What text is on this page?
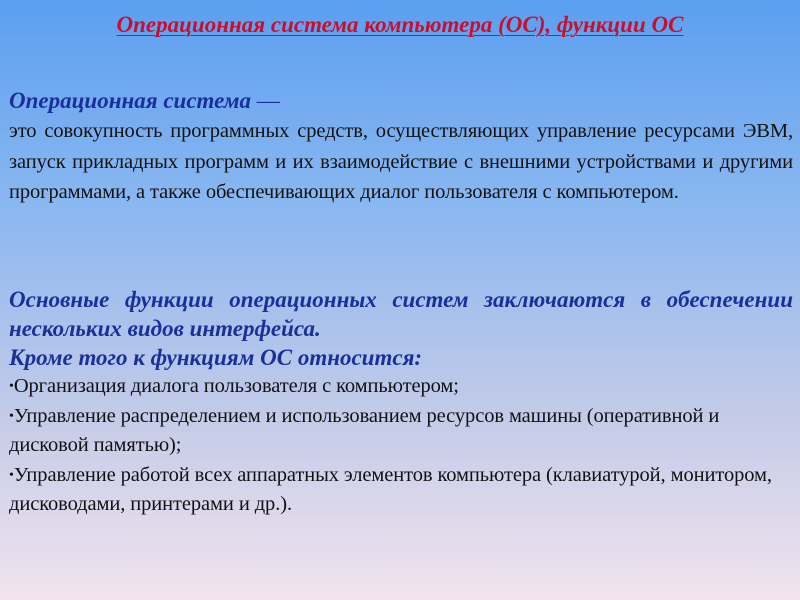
Операционная система компьютера (ОС), функции ОС
Операционная система —
это совокупность программных средств, осуществляющих управление ресурсами ЭВМ, запуск прикладных программ и их взаимодействие с внешними устройствами и другими программами, а также обеспечивающих диалог пользователя с компьютером.
Основные функции операционных систем заключаются в обеспечении нескольких видов интерфейса.
Кроме того к функциям ОС относится:
•Организация диалога пользователя с компьютером;
•Управление распределением и использованием ресурсов машины (оперативной и дисковой памятью);
•Управление работой всех аппаратных элементов компьютера (клавиатурой, монитором, дисководами, принтерами и др.).
